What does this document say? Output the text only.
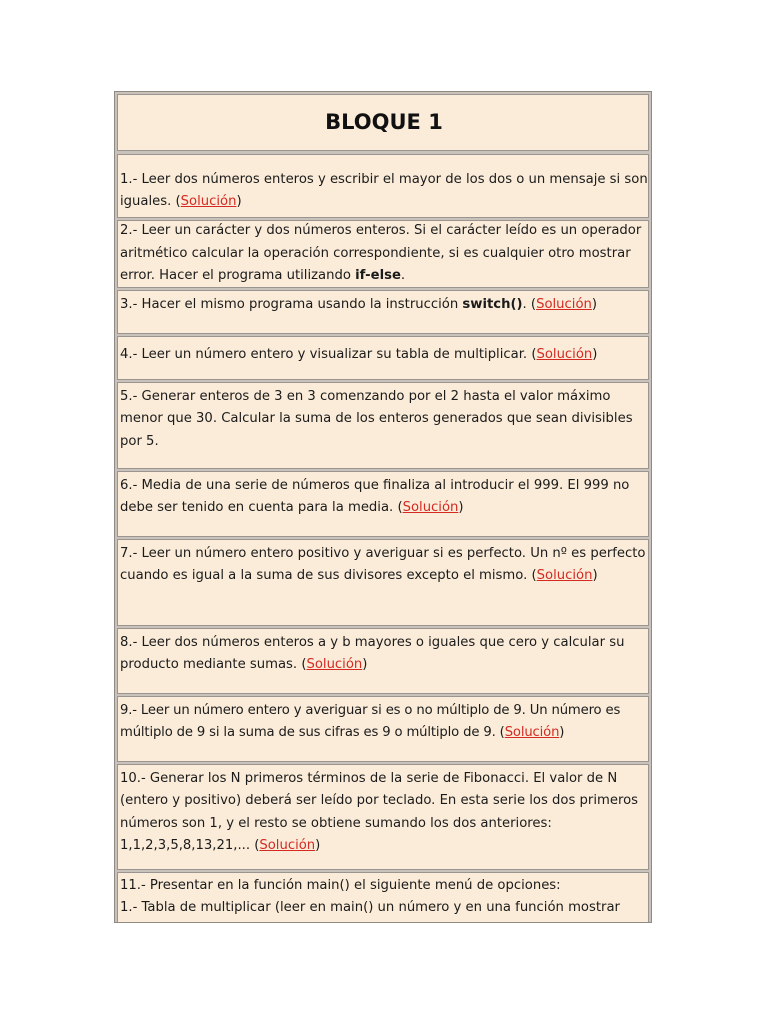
BLOQUE 1

1.- Leer dos números enteros y escribir el mayor de los dos o un mensaje si son iguales. (Solución)

2.- Leer un carácter y dos números enteros. Si el carácter leído es un operador aritmético calcular la operación correspondiente, si es cualquier otro mostrar error. Hacer el programa utilizando if-else.

3.- Hacer el mismo programa usando la instrucción switch(). (Solución)

4.- Leer un número entero y visualizar su tabla de multiplicar. (Solución)

5.- Generar enteros de 3 en 3 comenzando por el 2 hasta el valor máximo menor que 30. Calcular la suma de los enteros generados que sean divisibles por 5.

6.- Media de una serie de números que finaliza al introducir el 999. El 999 no debe ser tenido en cuenta para la media. (Solución)

7.- Leer un número entero positivo y averiguar si es perfecto. Un nº es perfecto cuando es igual a la suma de sus divisores excepto el mismo. (Solución)

8.- Leer dos números enteros a y b mayores o iguales que cero y calcular su producto mediante sumas. (Solución)

9.- Leer un número entero y averiguar si es o no múltiplo de 9. Un número es múltiplo de 9 si la suma de sus cifras es 9 o múltiplo de 9. (Solución)

10.- Generar los N primeros términos de la serie de Fibonacci. El valor de N (entero y positivo) deberá ser leído por teclado. En esta serie los dos primeros números son 1, y el resto se obtiene sumando los dos anteriores: 1,1,2,3,5,8,13,21,... (Solución)

11.- Presentar en la función main() el siguiente menú de opciones:

1.- Tabla de multiplicar (leer en main() un número y en una función mostrar
